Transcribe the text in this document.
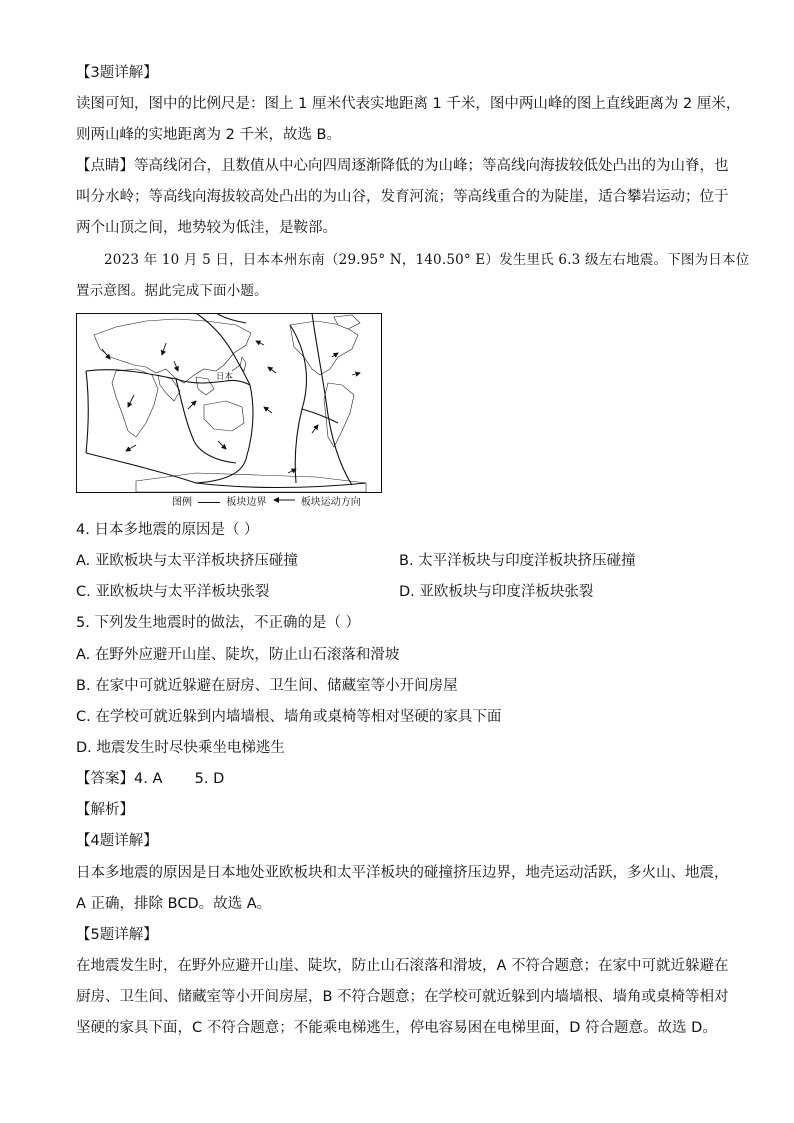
【3题详解】
读图可知，图中的比例尺是：图上 1 厘米代表实地距离 1 千米，图中两山峰的图上直线距离为 2 厘米，
则两山峰的实地距离为 2 千米，故选 B。
【点睛】等高线闭合，且数值从中心向四周逐渐降低的为山峰；等高线向海拔较低处凸出的为山脊，也
叫分水岭；等高线向海拔较高处凸出的为山谷，发育河流；等高线重合的为陡崖，适合攀岩运动；位于
两个山顶之间，地势较为低洼，是鞍部。
2023 年 10 月 5 日，日本本州东南（29.95° N，140.50° E）发生里氏 6.3 级左右地震。下图为日本位
置示意图。据此完成下面小题。
日本
图例	板块边界	板块运动方向
4. 日本多地震的原因是（ ）
A. 亚欧板块与太平洋板块挤压碰撞	B. 太平洋板块与印度洋板块挤压碰撞
C. 亚欧板块与太平洋板块张裂	D. 亚欧板块与印度洋板块张裂
5. 下列发生地震时的做法，不正确的是（ ）
A. 在野外应避开山崖、陡坎，防止山石滚落和滑坡
B. 在家中可就近躲避在厨房、卫生间、储藏室等小开间房屋
C. 在学校可就近躲到内墙墙根、墙角或桌椅等相对坚硬的家具下面
D. 地震发生时尽快乘坐电梯逃生
【答案】4. A       5. D
【解析】
【4题详解】
日本多地震的原因是日本地处亚欧板块和太平洋板块的碰撞挤压边界，地壳运动活跃，多火山、地震，
A 正确，排除 BCD。故选 A。
【5题详解】
在地震发生时，在野外应避开山崖、陡坎，防止山石滚落和滑坡，A 不符合题意；在家中可就近躲避在
厨房、卫生间、储藏室等小开间房屋，B 不符合题意；在学校可就近躲到内墙墙根、墙角或桌椅等相对
坚硬的家具下面，C 不符合题意；不能乘电梯逃生，停电容易困在电梯里面，D 符合题意。故选 D。
